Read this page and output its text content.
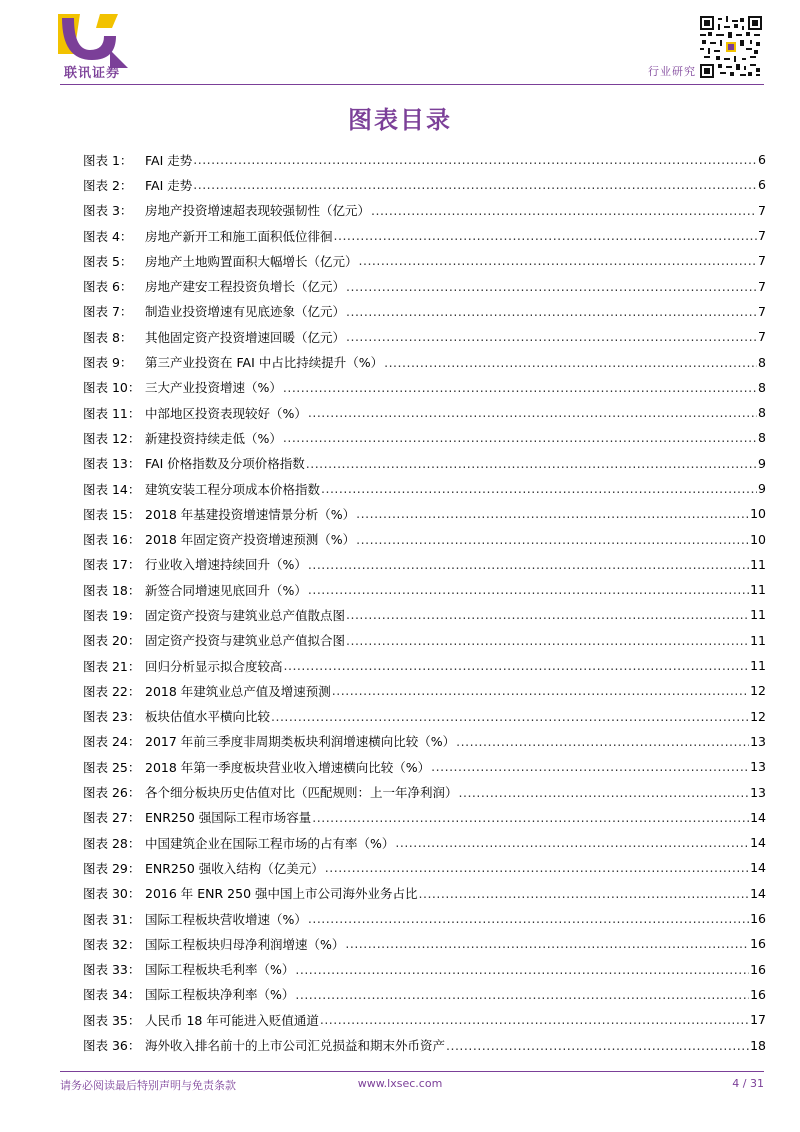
联讯证券	行业研究
图表目录
图表 1：	FAI 走势 .....	6
图表 2：	FAI 走势 .....	6
图表 3：	房地产投资增速超表现较强韧性（亿元） .....	7
图表 4：	房地产新开工和施工面积低位徘徊 .....	7
图表 5：	房地产土地购置面积大幅增长（亿元） .....	7
图表 6：	房地产建安工程投资负增长（亿元） .....	7
图表 7：	制造业投资增速有见底迹象（亿元） .....	7
图表 8：	其他固定资产投资增速回暖（亿元） .....	7
图表 9：	第三产业投资在 FAI 中占比持续提升（%） .....	8
图表 10： 三大产业投资增速（%） .....	8
图表 11： 中部地区投资表现较好（%） .....	8
图表 12： 新建投资持续走低（%） .....	8
图表 13： FAI 价格指数及分项价格指数 .....	9
图表 14： 建筑安装工程分项成本价格指数 .....	9
图表 15： 2018 年基建投资增速情景分析（%） .....	10
图表 16： 2018 年固定资产投资增速预测（%） .....	10
图表 17： 行业收入增速持续回升（%） .....	11
图表 18： 新签合同增速见底回升（%） .....	11
图表 19： 固定资产投资与建筑业总产值散点图 .....	11
图表 20： 固定资产投资与建筑业总产值拟合图 .....	11
图表 21： 回归分析显示拟合度较高 .....	11
图表 22： 2018 年建筑业总产值及增速预测 .....	12
图表 23： 板块估值水平横向比较 .....	12
图表 24： 2017 年前三季度非周期类板块利润增速横向比较（%） .....	13
图表 25： 2018 年第一季度板块营业收入增速横向比较（%） .....	13
图表 26： 各个细分板块历史估值对比（匹配规则：上一年净利润） .....	13
图表 27： ENR250 强国际工程市场容量 .....	14
图表 28： 中国建筑企业在国际工程市场的占有率（%） .....	14
图表 29： ENR250 强收入结构（亿美元） .....	14
图表 30： 2016 年 ENR 250 强中国上市公司海外业务占比 .....	14
图表 31： 国际工程板块营收增速（%） .....	16
图表 32： 国际工程板块归母净利润增速（%） .....	16
图表 33： 国际工程板块毛利率（%） .....	16
图表 34： 国际工程板块净利率（%） .....	16
图表 35： 人民币 18 年可能进入贬值通道 .....	17
图表 36： 海外收入排名前十的上市公司汇兑损益和期末外币资产 .....	18
请务必阅读最后特别声明与免责条款	www.lxsec.com	4 / 31
